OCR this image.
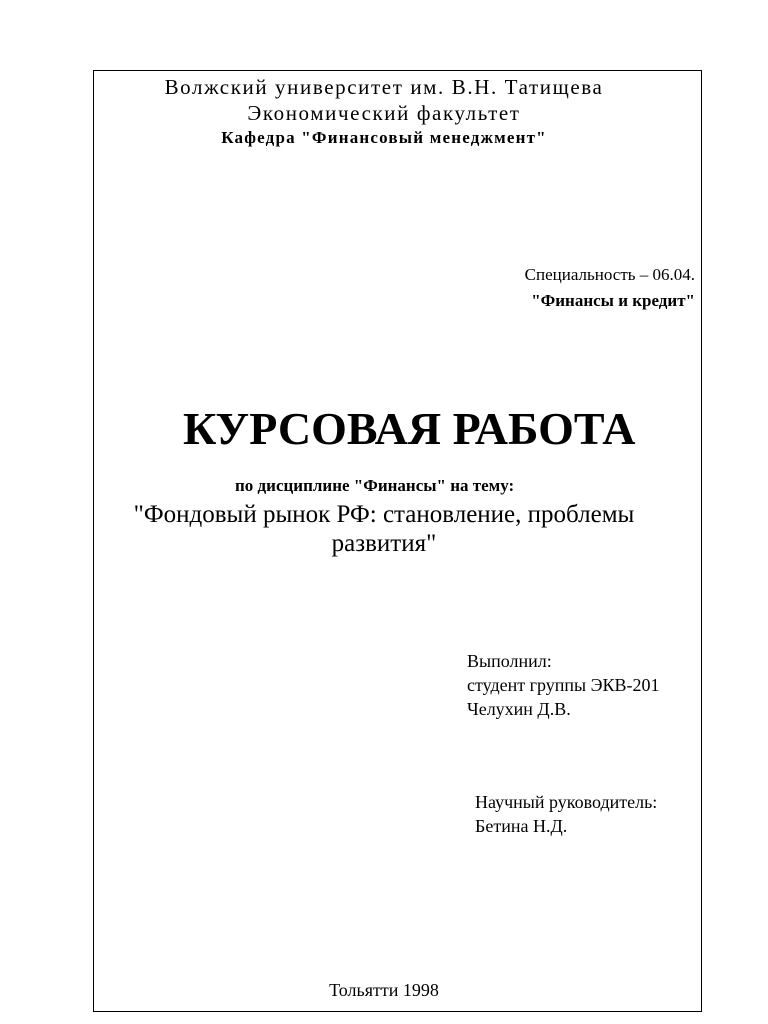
Волжский университет им. В.Н. Татищева
Экономический факультет
Кафедра "Финансовый менеджмент"
Специальность – 06.04.
"Финансы и кредит"
КУРСОВАЯ РАБОТА
по дисциплине "Финансы" на тему:
"Фондовый рынок РФ: становление, проблемы
развития"
Выполнил:
студент группы ЭКВ-201
Челухин Д.В.
Научный руководитель:
Бетина Н.Д.
Тольятти 1998
